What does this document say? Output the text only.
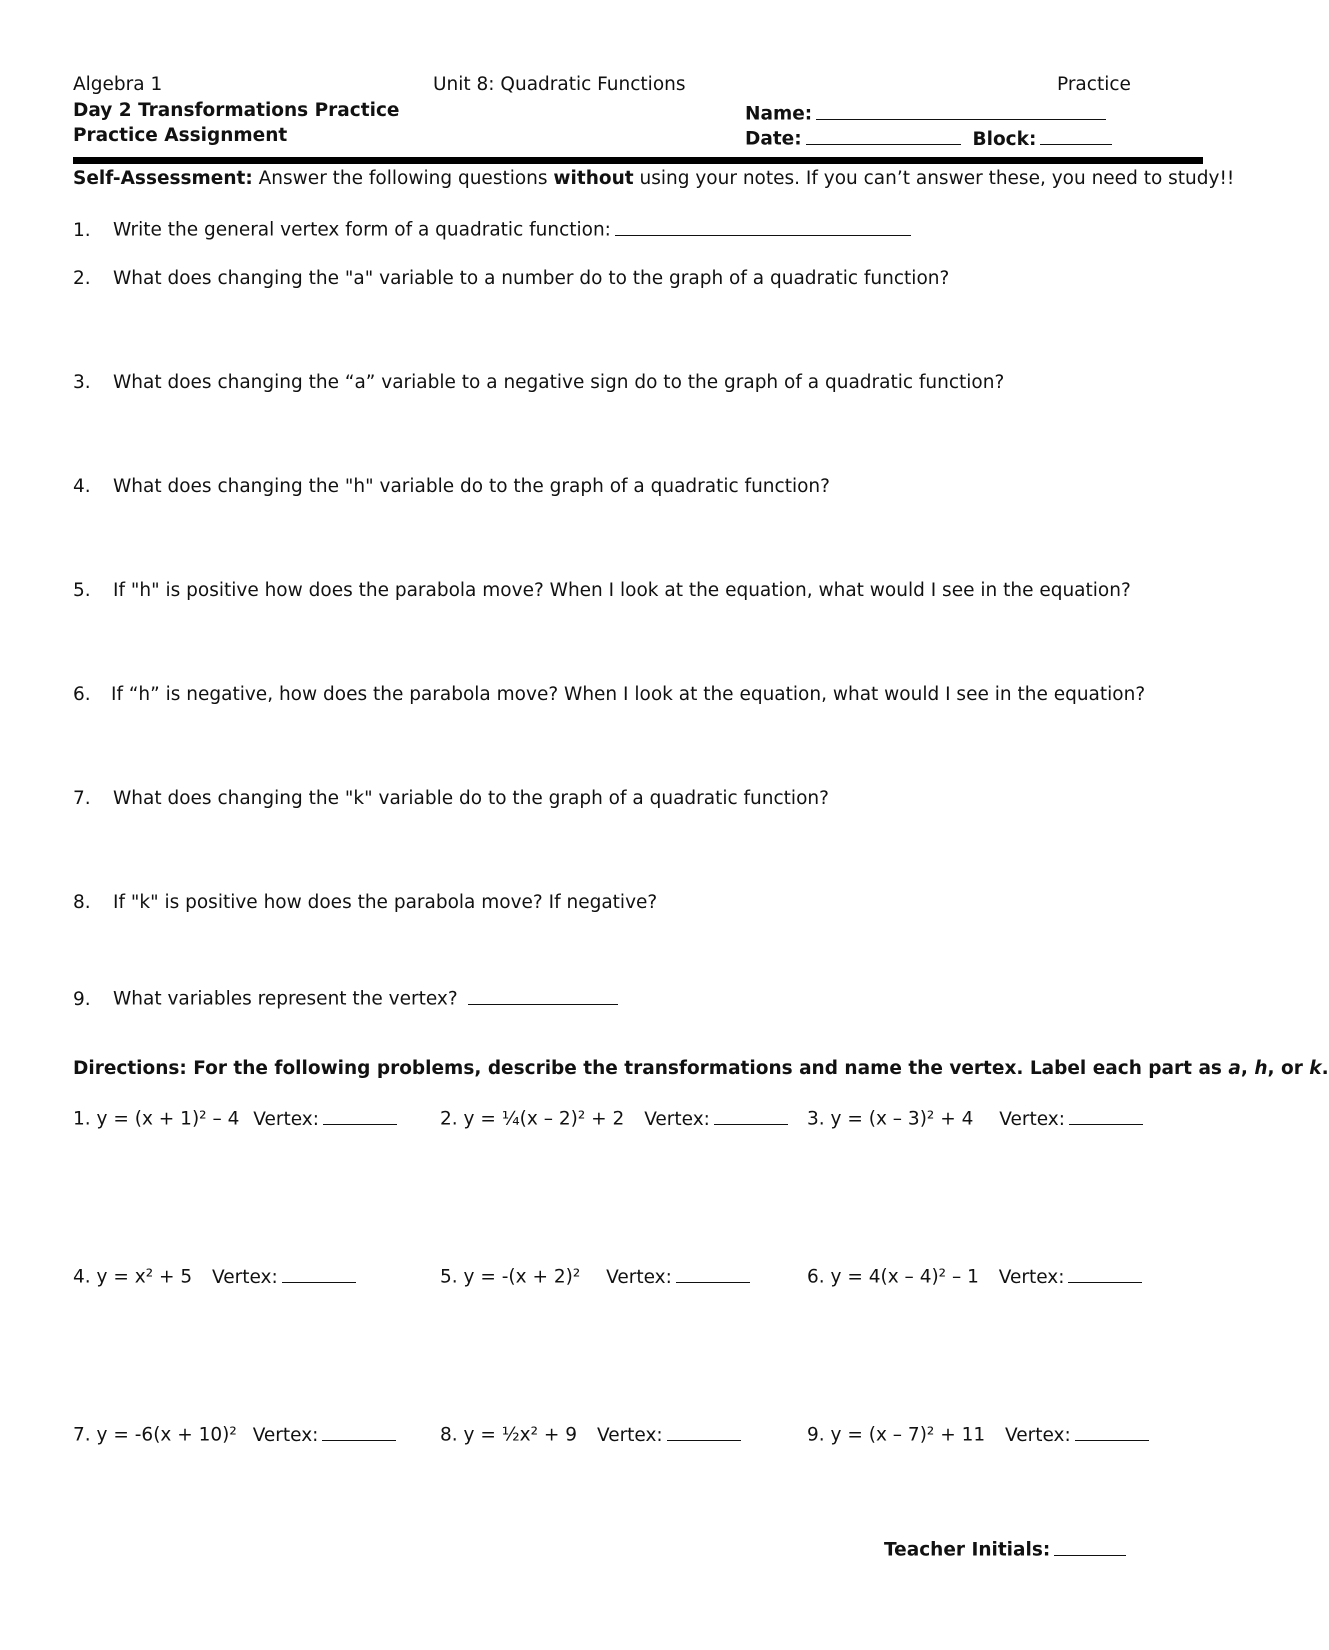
Algebra 1	Unit 8: Quadratic Functions	Practice
Day 2 Transformations Practice
Practice Assignment
Name:
Date:	Block:
Self-Assessment: Answer the following questions without using your notes. If you can’t answer these, you need to study!!
1. Write the general vertex form of a quadratic function:
2. What does changing the "a" variable to a number do to the graph of a quadratic function?
3. What does changing the “a” variable to a negative sign do to the graph of a quadratic function?
4. What does changing the "h" variable do to the graph of a quadratic function?
5. If "h" is positive how does the parabola move? When I look at the equation, what would I see in the equation?
6. If “h” is negative, how does the parabola move? When I look at the equation, what would I see in the equation?
7. What does changing the "k" variable do to the graph of a quadratic function?
8. If "k" is positive how does the parabola move? If negative?
9. What variables represent the vertex?
Directions: For the following problems, describe the transformations and name the vertex. Label each part as a, h, or k.
1. y = (x + 1)² – 4 Vertex:	2. y = ¼(x – 2)² + 2 Vertex:	3. y = (x – 3)² + 4 Vertex:
4. y = x² + 5 Vertex:	5. y = -(x + 2)² Vertex:	6. y = 4(x – 4)² – 1 Vertex:
7. y = -6(x + 10)² Vertex:	8. y = ½x² + 9 Vertex:	9. y = (x – 7)² + 11 Vertex:
Teacher Initials:
